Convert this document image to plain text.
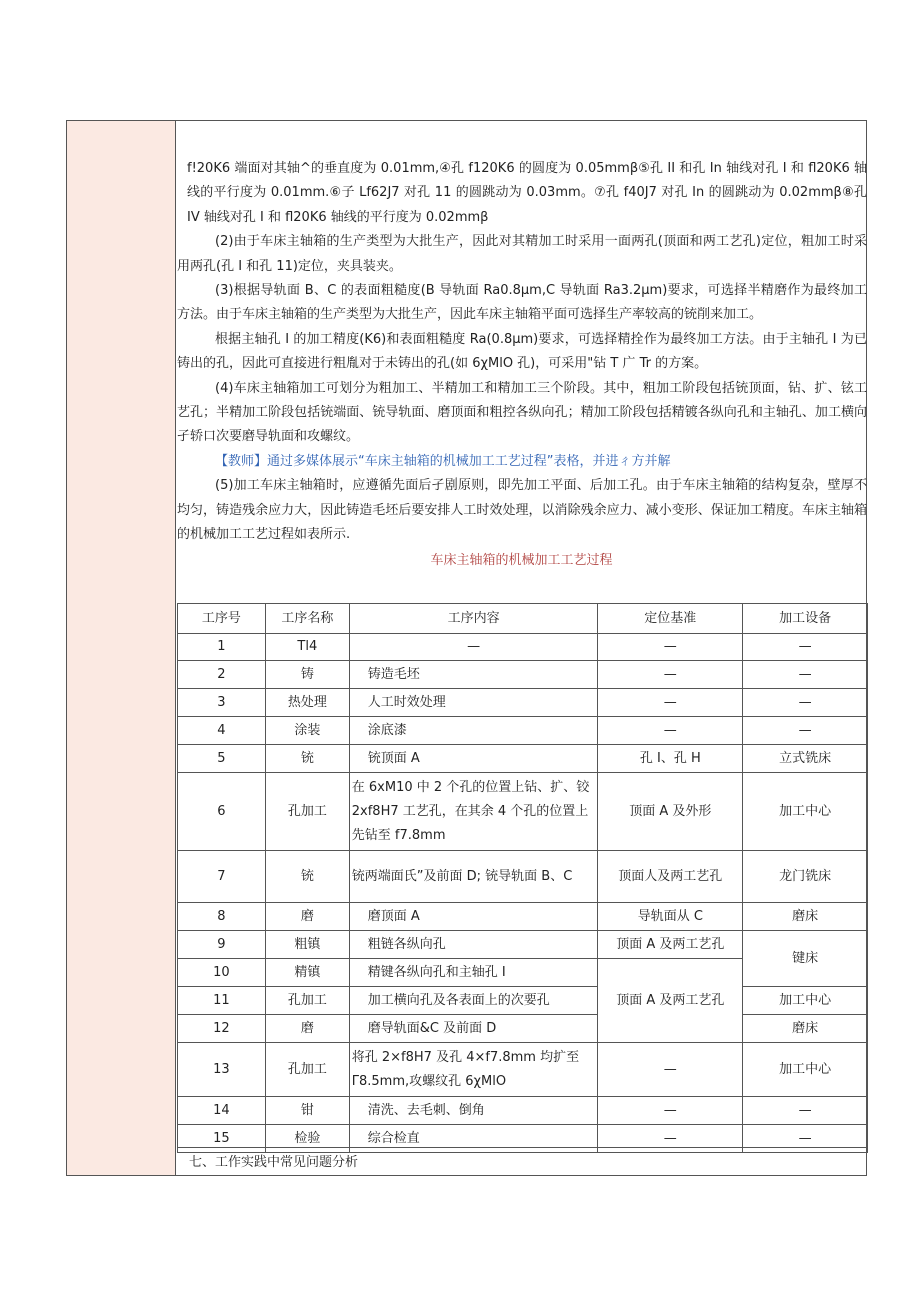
f!20K6 端面对其轴^的垂直度为 0.01mm,④孔 f120K6 的圆度为 0.05mmβ⑤孔 II 和孔 In 轴线对孔 I 和 fl20K6 轴线的平行度为 0.01mm.⑥子 Lf62J7 对孔 11 的圆跳动为 0.03mm。⑦孔 f40J7 对孔 In 的圆跳动为 0.02mmβ⑧孔 IV 轴线对孔 I 和 fl20K6 轴线的平行度为 0.02mmβ

(2)由于车床主轴箱的生产类型为大批生产，因此对其精加工时采用一面两孔(顶面和两工艺孔)定位，粗加工时采用两孔(孔 I 和孔 11)定位，夹具装夹。

(3)根据导轨面 B、C 的表面粗糙度(B 导轨面 Ra0.8μm,C 导轨面 Ra3.2μm)要求，可选择半精磨作为最终加工方法。由于车床主轴箱的生产类型为大批生产，因此车床主轴箱平面可选择生产率较高的铳削来加工。

根据主轴孔 I 的加工精度(K6)和表面粗糙度 Ra(0.8μm)要求，可选择精拴作为最终加工方法。由于主轴孔 I 为已铸出的孔，因此可直接进行粗胤对于未铸出的孔(如 6χMlO 孔)，可采用"钻 T 广 Tr 的方案。

(4)车床主轴箱加工可划分为粗加工、半精加工和精加工三个阶段。其中，粗加工阶段包括铳顶面，钻、扩、铉工艺孔；半精加工阶段包括铳端面、铳导轨面、磨顶面和粗控各纵向孔；精加工阶段包括精镀各纵向孔和主轴孔、加工横向孑轿口次要磨导轨面和攻螺纹。

【教师】通过多媒体展示“车床主轴箱的机械加工工艺过程”表格，并进ㄔ方并解

(5)加工车床主轴箱时，应遵循先面后孑剧原则，即先加工平面、后加工孔。由于车床主轴箱的结构复杂，壁厚不均匀，铸造残余应力大，因此铸造毛坯后要安排人工时效处理，以消除残余应力、减小变形、保证加工精度。车床主轴箱的机械加工工艺过程如表所示.

车床主轴箱的机械加工工艺过程
工序号	工序名称	工序内容	定位基准	加工设备
1	Tl4	—	—	—
2	铸	铸造毛坯	—	—
3	热处理	人工时效处理	—	—
4	涂装	涂底漆	—	—
5	铳	铳顶面 A	孔 I、孔 H	立式铣床
6	孔加工	在 6xM10 中 2 个孔的位置上钻、扩、铰 2xf8H7 工艺孔，在其余 4 个孔的位置上先钻至 f7.8mm	顶面 A 及外形	加工中心
7	铳	铳两端面氏”及前面 D; 铳导轨面 B、C	顶面人及两工艺孔	龙门铣床
8	磨	磨顶面 A	导轨面从 C	磨床
9	粗镇	粗链各纵向孔	顶面 A 及两工艺孔	键床
10	精镇	精键各纵向孔和主轴孔 I	顶面 A 及两工艺孔	
11	孔加工	加工横向孔及各表面上的次要孔		加工中心
12	磨	磨导轨面&C 及前面 D		磨床
13	孔加工	将孔 2×f8H7 及孔 4×f7.8mm 均扩至 Γ8.5mm,攻螺纹孔 6χMlO	—	加工中心
14	钳	清洗、去毛刺、倒角	—	—
15	检验	综合检直	—	—
七、工作实践中常见问题分析
